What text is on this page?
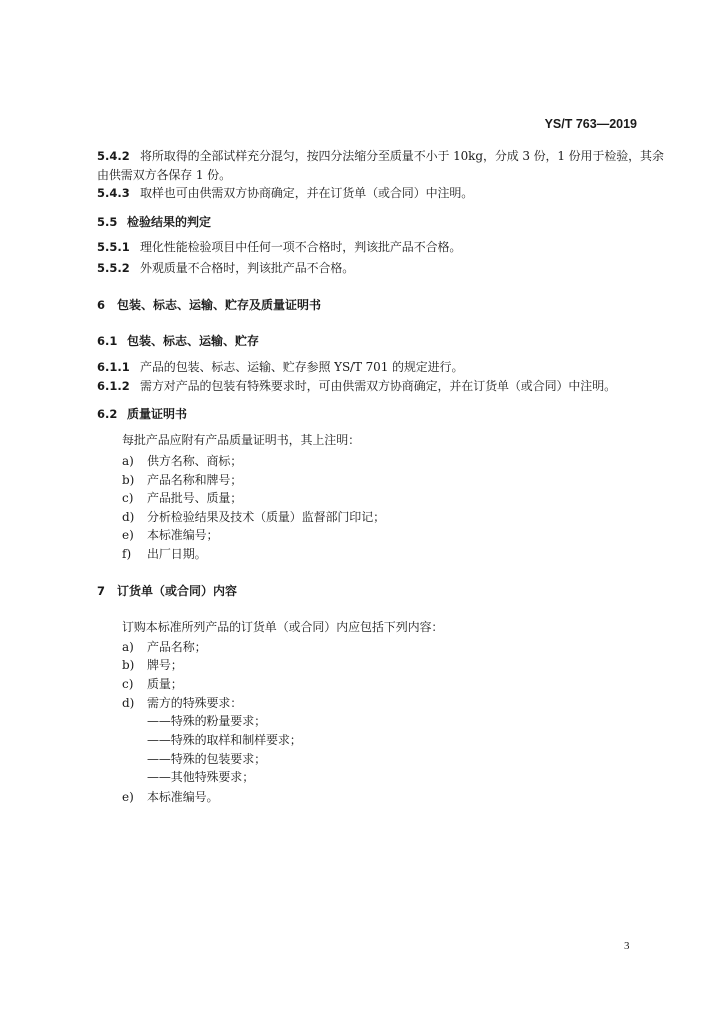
YS/T 763—2019
5.4.2 将所取得的全部试样充分混匀，按四分法缩分至质量不小于 10kg，分成 3 份，1 份用于检验，其余
由供需双方各保存 1 份。
5.4.3 取样也可由供需双方协商确定，并在订货单（或合同）中注明。
5.5 检验结果的判定
5.5.1 理化性能检验项目中任何一项不合格时，判该批产品不合格。
5.5.2 外观质量不合格时，判该批产品不合格。
6 包装、标志、运输、贮存及质量证明书
6.1 包装、标志、运输、贮存
6.1.1 产品的包装、标志、运输、贮存参照 YS/T 701 的规定进行。
6.1.2 需方对产品的包装有特殊要求时，可由供需双方协商确定，并在订货单（或合同）中注明。
6.2 质量证明书
每批产品应附有产品质量证明书，其上注明：
a) 供方名称、商标；
b) 产品名称和牌号；
c) 产品批号、质量；
d) 分析检验结果及技术（质量）监督部门印记；
e) 本标准编号；
f) 出厂日期。
7 订货单（或合同）内容
订购本标准所列产品的订货单（或合同）内应包括下列内容：
a) 产品名称；
b) 牌号；
c) 质量；
d) 需方的特殊要求：
——特殊的粉量要求；
——特殊的取样和制样要求；
——特殊的包装要求；
——其他特殊要求；
e) 本标准编号。
3
